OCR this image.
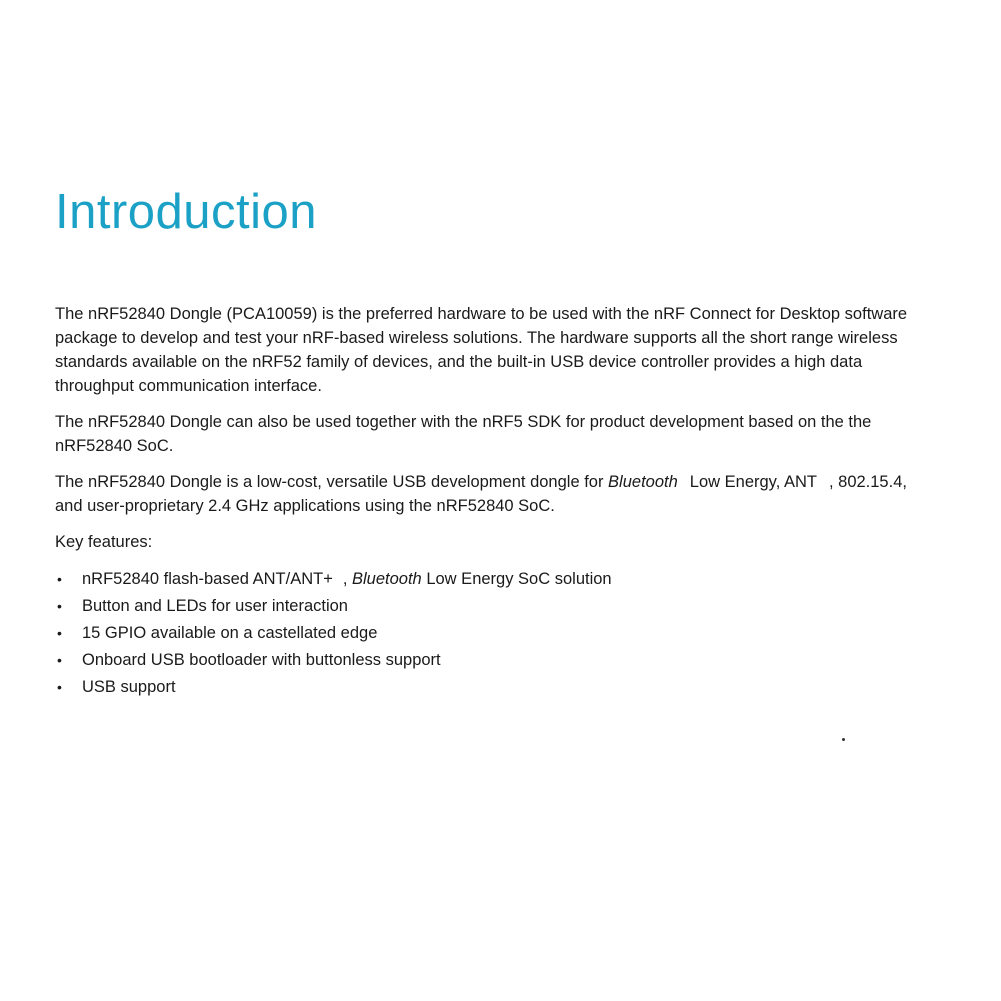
Introduction

The nRF52840 Dongle (PCA10059) is the preferred hardware to be used with the nRF Connect for Desktop software package to develop and test your nRF-based wireless solutions. The hardware supports all the short range wireless standards available on the nRF52 family of devices, and the built-in USB device controller provides a high data throughput communication interface.

The nRF52840 Dongle can also be used together with the nRF5 SDK for product development based on the the nRF52840 SoC.

The nRF52840 Dongle is a low-cost, versatile USB development dongle for Bluetooth Low Energy, ANT , 802.15.4, and user-proprietary 2.4 GHz applications using the nRF52840 SoC.

Key features:

• nRF52840 flash-based ANT/ANT+ , Bluetooth Low Energy SoC solution
• Button and LEDs for user interaction
• 15 GPIO available on a castellated edge
• Onboard USB bootloader with buttonless support
• USB support
